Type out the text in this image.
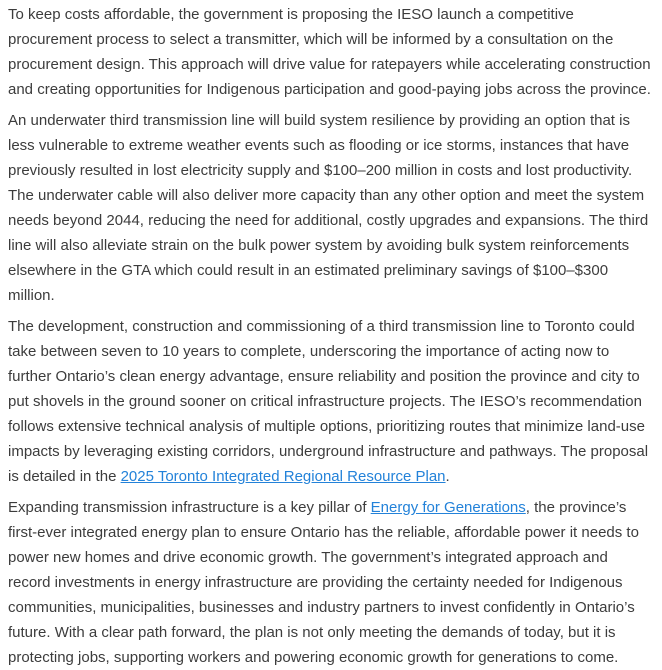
To keep costs affordable, the government is proposing the IESO launch a competitive procurement process to select a transmitter, which will be informed by a consultation on the procurement design. This approach will drive value for ratepayers while accelerating construction and creating opportunities for Indigenous participation and good-paying jobs across the province.

An underwater third transmission line will build system resilience by providing an option that is less vulnerable to extreme weather events such as flooding or ice storms, instances that have previously resulted in lost electricity supply and $100–200 million in costs and lost productivity. The underwater cable will also deliver more capacity than any other option and meet the system needs beyond 2044, reducing the need for additional, costly upgrades and expansions. The third line will also alleviate strain on the bulk power system by avoiding bulk system reinforcements elsewhere in the GTA which could result in an estimated preliminary savings of $100–$300 million.

The development, construction and commissioning of a third transmission line to Toronto could take between seven to 10 years to complete, underscoring the importance of acting now to further Ontario’s clean energy advantage, ensure reliability and position the province and city to put shovels in the ground sooner on critical infrastructure projects. The IESO’s recommendation follows extensive technical analysis of multiple options, prioritizing routes that minimize land-use impacts by leveraging existing corridors, underground infrastructure and pathways. The proposal is detailed in the 2025 Toronto Integrated Regional Resource Plan.

Expanding transmission infrastructure is a key pillar of Energy for Generations, the province’s first-ever integrated energy plan to ensure Ontario has the reliable, affordable power it needs to power new homes and drive economic growth. The government’s integrated approach and record investments in energy infrastructure are providing the certainty needed for Indigenous communities, municipalities, businesses and industry partners to invest confidently in Ontario’s future. With a clear path forward, the plan is not only meeting the demands of today, but it is protecting jobs, supporting workers and powering economic growth for generations to come.
